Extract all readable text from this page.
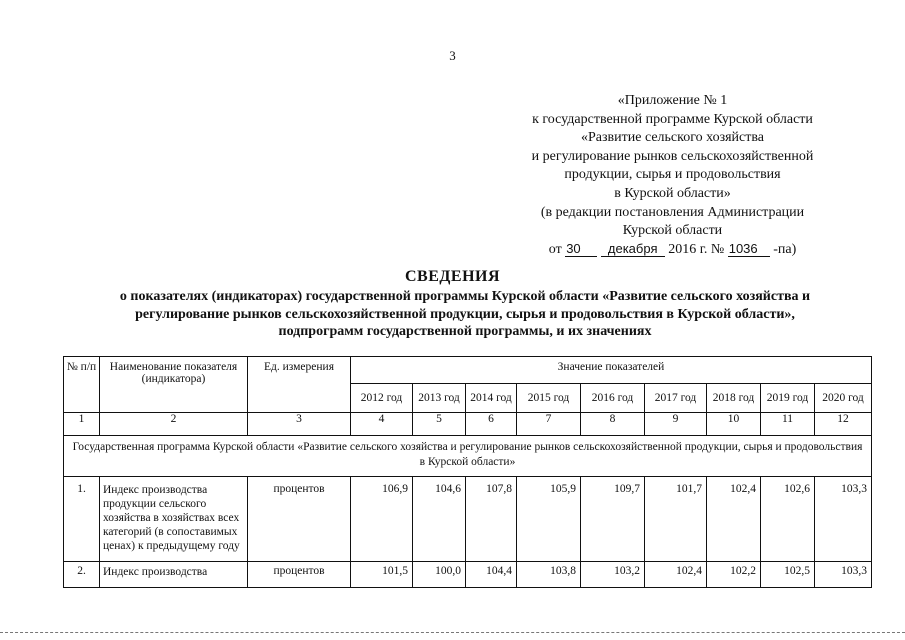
3
«Приложение № 1
к государственной программе Курской области
«Развитие сельского хозяйства
и регулирование рынков сельскохозяйственной
продукции, сырья и продовольствия
в Курской области»
(в редакции постановления Администрации
Курской области
от 30 декабря 2016 г. № 1036 -па)
СВЕДЕНИЯ
о показателях (индикаторах) государственной программы Курской области «Развитие сельского хозяйства и
регулирование рынков сельскохозяйственной продукции, сырья и продовольствия в Курской области»,
подпрограмм государственной программы, и их значениях
№ п/п	Наименование показателя (индикатора)	Ед. измерения	Значение показателей								
			2012 год	2013 год	2014 год	2015 год	2016 год	2017 год	2018 год	2019 год	2020 год
1	2	3	4	5	6	7	8	9	10	11	12
Государственная программа Курской области «Развитие сельского хозяйства и регулирование рынков сельскохозяйственной продукции, сырья и продовольствия в Курской области»											
1.	Индекс производства продукции сельского хозяйства в хозяйствах всех категорий (в сопоставимых ценах) к предыдущему году	процентов	106,9	104,6	107,8	105,9	109,7	101,7	102,4	102,6	103,3
2.	Индекс производства	процентов	101,5	100,0	104,4	103,8	103,2	102,4	102,2	102,5	103,3
